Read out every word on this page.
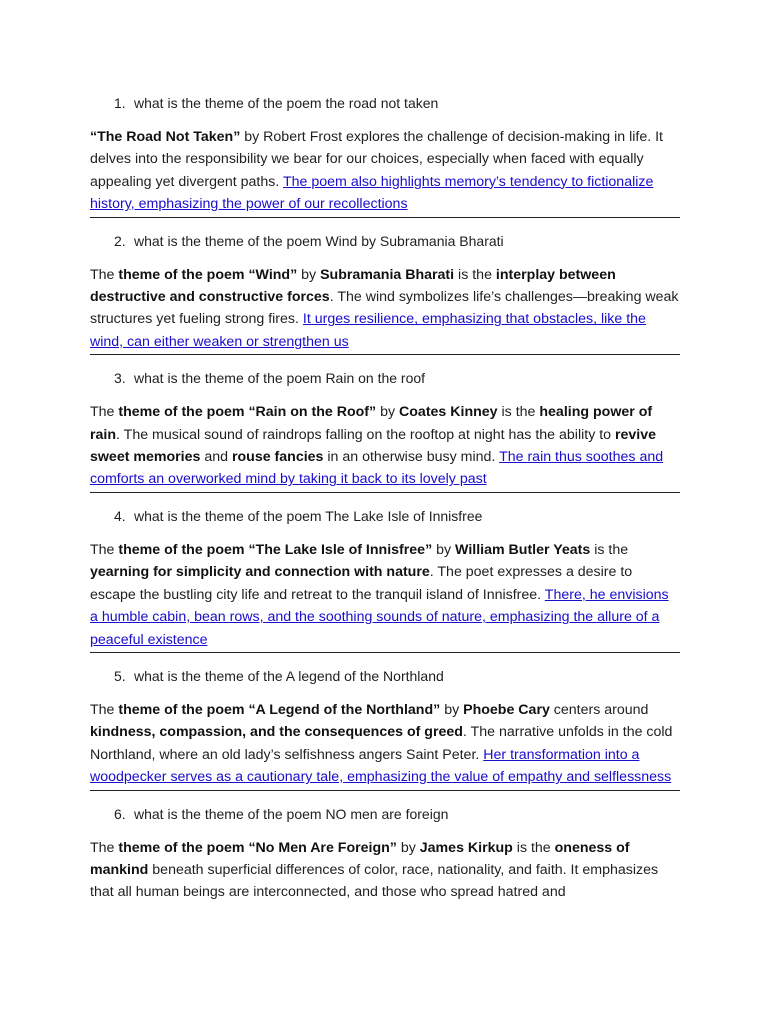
1. what is the theme of the poem the road not taken

“The Road Not Taken” by Robert Frost explores the challenge of decision-making in life. It delves into the responsibility we bear for our choices, especially when faced with equally appealing yet divergent paths. The poem also highlights memory’s tendency to fictionalize history, emphasizing the power of our recollections

2. what is the theme of the poem Wind by Subramania Bharati

The theme of the poem “Wind” by Subramania Bharati is the interplay between destructive and constructive forces. The wind symbolizes life’s challenges—breaking weak structures yet fueling strong fires. It urges resilience, emphasizing that obstacles, like the wind, can either weaken or strengthen us

3. what is the theme of the poem Rain on the roof

The theme of the poem “Rain on the Roof” by Coates Kinney is the healing power of rain. The musical sound of raindrops falling on the rooftop at night has the ability to revive sweet memories and rouse fancies in an otherwise busy mind. The rain thus soothes and comforts an overworked mind by taking it back to its lovely past

4. what is the theme of the poem The Lake Isle of Innisfree

The theme of the poem “The Lake Isle of Innisfree” by William Butler Yeats is the yearning for simplicity and connection with nature. The poet expresses a desire to escape the bustling city life and retreat to the tranquil island of Innisfree. There, he envisions a humble cabin, bean rows, and the soothing sounds of nature, emphasizing the allure of a peaceful existence

5. what is the theme of the A legend of the Northland

The theme of the poem “A Legend of the Northland” by Phoebe Cary centers around kindness, compassion, and the consequences of greed. The narrative unfolds in the cold Northland, where an old lady’s selfishness angers Saint Peter. Her transformation into a woodpecker serves as a cautionary tale, emphasizing the value of empathy and selflessness

6. what is the theme of the poem NO men are foreign

The theme of the poem “No Men Are Foreign” by James Kirkup is the oneness of mankind beneath superficial differences of color, race, nationality, and faith. It emphasizes that all human beings are interconnected, and those who spread hatred and
